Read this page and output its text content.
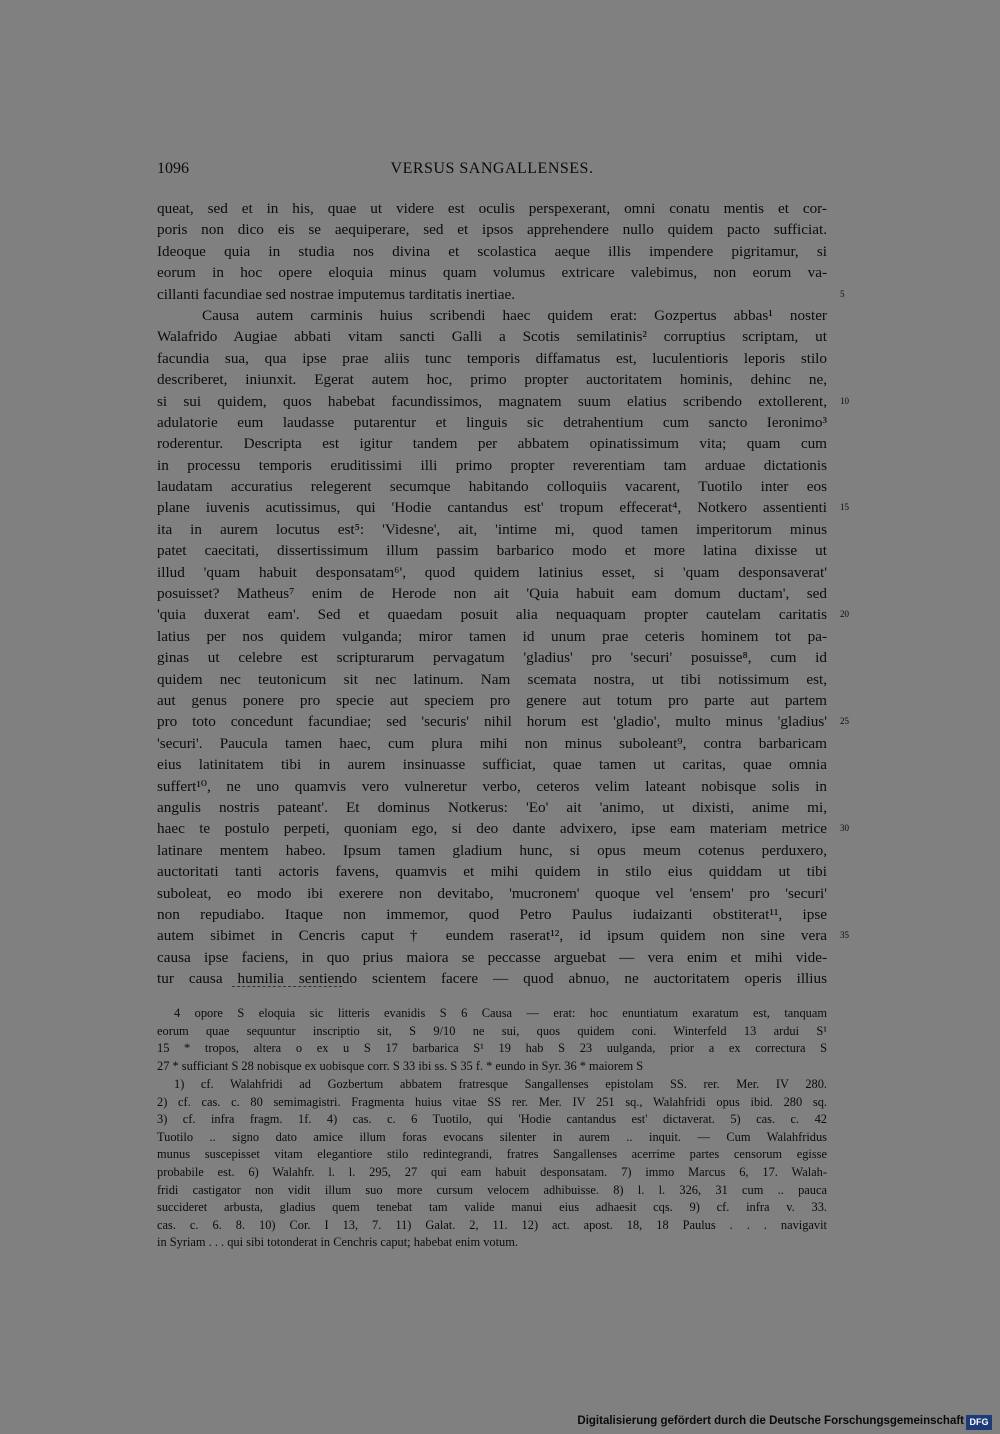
1096	VERSUS SANGALLENSES.
queat, sed et in his, quae ut videre est oculis perspexerant, omni conatu mentis et cor-
poris non dico eis se aequiperare, sed et ipsos apprehendere nullo quidem pacto sufficiat.
Ideoque quia in studia nos divina et scolastica aeque illis impendere pigritamur, si
eorum in hoc opere eloquia minus quam volumus extricare valebimus, non eorum va-
cillanti facundiae sed nostrae imputemus tarditatis inertiae.	5
Causa autem carminis huius scribendi haec quidem erat: Gozpertus abbas¹ noster
Walafrido Augiae abbati vitam sancti Galli a Scotis semilatinis² corruptius scriptam, ut
facundia sua, qua ipse prae aliis tunc temporis diffamatus est, luculentioris leporis stilo
describeret, iniunxit. Egerat autem hoc, primo propter auctoritatem hominis, dehinc ne,
si sui quidem, quos habebat facundissimos, magnatem suum elatius scribendo extollerent, 10
adulatorie eum laudasse putarentur et linguis sic detrahentium cum sancto Ieronimo³
roderentur. Descripta est igitur tandem per abbatem opinatissimum vita; quam cum
in processu temporis eruditissimi illi primo propter reverentiam tam arduae dictationis
laudatam accuratius relegerent secumque habitando colloquiis vacarent, Tuotilo inter eos
plane iuvenis acutissimus, qui 'Hodie cantandus est' tropum effecerat⁴, Notkero assentienti 15
ita in aurem locutus est⁵: 'Videsne', ait, 'intime mi, quod tamen imperitorum minus
patet caecitati, dissertissimum illum passim barbarico modo et more latina dixisse ut
illud 'quam habuit desponsatam⁶', quod quidem latinius esset, si 'quam desponsaverat'
posuisset? Matheus⁷ enim de Herode non ait 'Quia habuit eam domum ductam', sed
'quia duxerat eam'. Sed et quaedam posuit alia nequaquam propter cautelam caritatis 20
latius per nos quidem vulganda; miror tamen id unum prae ceteris hominem tot pa-
ginas ut celebre est scripturarum pervagatum 'gladius' pro 'securi' posuisse⁸, cum id
quidem nec teutonicum sit nec latinum. Nam scemata nostra, ut tibi notissimum est,
aut genus ponere pro specie aut speciem pro genere aut totum pro parte aut partem
pro toto concedunt facundiae; sed 'securis' nihil horum est 'gladio', multo minus 'gladius' 25
'securi'. Paucula tamen haec, cum plura mihi non minus suboleant⁹, contra barbaricam
eius latinitatem tibi in aurem insinuasse sufficiat, quae tamen ut caritas, quae omnia
suffert¹⁰, ne uno quamvis vero vulneretur verbo, ceteros velim lateant nobisque solis in
angulis nostris pateant'. Et dominus Notkerus: 'Eo' ait 'animo, ut dixisti, anime mi,
haec te postulo perpeti, quoniam ego, si deo dante advixero, ipse eam materiam metrice 30
latinare mentem habeo. Ipsum tamen gladium hunc, si opus meum cotenus perduxero,
auctoritati tanti actoris favens, quamvis et mihi quidem in stilo eius quiddam ut tibi
suboleat, eo modo ibi exerere non devitabo, 'mucronem' quoque vel 'ensem' pro 'securi'
non repudiabo. Itaque non immemor, quod Petro Paulus iudaizanti obstiterat¹¹, ipse
autem sibimet in Cencris caput † eundem raserat¹², id ipsum quidem non sine vera 35
causa ipse faciens, in quo prius maiora se peccasse arguebat — vera enim et mihi vide-
tur causa humilia sentiendo scientem facere — quod abnuo, ne auctoritatem operis illius
4 opore S eloquia sic litteris evanidis S 6 Causa — erat: hoc enuntiatum exaratum est, tanquam
eorum quae sequuntur inscriptio sit, S 9/10 ne sui, quos quidem coni. Winterfeld 13 ardui S¹
15 * tropos, altera o ex u S 17 barbarica S¹ 19 hab S 23 uulganda, prior a ex correctura S
27 * sufficiant S 28 nobisque ex uobisque corr. S 33 ibi ss. S 35 f. * eundo in Syr. 36 * maiorem S
1) cf. Walahfridi ad Gozbertum abbatem fratresque Sangallenses epistolam SS. rer. Mer. IV 280.
2) cf. cas. c. 80 semimagistri. Fragmenta huius vitae SS rer. Mer. IV 251 sq., Walahfridi opus ibid. 280 sq.
3) cf. infra fragm. 1f. 4) cas. c. 6 Tuotilo, qui 'Hodie cantandus est' dictaverat. 5) cas. c. 42
Tuotilo .. signo dato amice illum foras evocans silenter in aurem .. inquit. — Cum Walahfridus
munus suscepisset vitam elegantiore stilo redintegrandi, fratres Sangallenses acerrime partes censorum egisse
probabile est. 6) Walahfr. l. l. 295, 27 qui eam habuit desponsatam. 7) immo Marcus 6, 17. Walah-
fridi castigator non vidit illum suo more cursum velocem adhibuisse. 8) l. l. 326, 31 cum .. pauca
succideret arbusta, gladius quem tenebat tam valide manui eius adhaesit cqs. 9) cf. infra v. 33.
cas. c. 6. 8. 10) Cor. I 13, 7. 11) Galat. 2, 11. 12) act. apost. 18, 18 Paulus . . . navigavit
in Syriam . . . qui sibi totonderat in Cenchris caput; habebat enim votum.
Digitalisierung gefördert durch die Deutsche Forschungsgemeinschaft DFG
